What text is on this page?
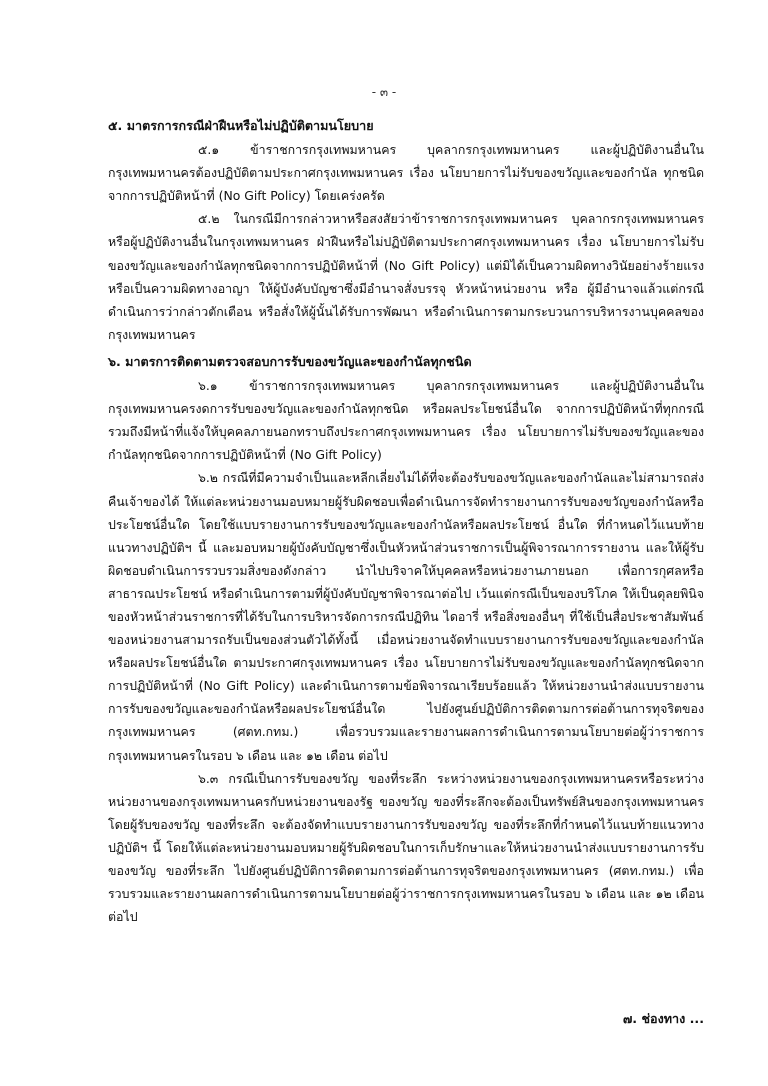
- ๓ -

๕. มาตรการกรณีฝ่าฝืนหรือไม่ปฏิบัติตามนโยบาย

๕.๑ ข้าราชการกรุงเทพมหานคร บุคลากรกรุงเทพมหานคร และผู้ปฏิบัติงานอื่นในกรุงเทพมหานครต้องปฏิบัติตามประกาศกรุงเทพมหานคร เรื่อง นโยบายการไม่รับของขวัญและของกำนัล ทุกชนิดจากการปฏิบัติหน้าที่ (No Gift Policy) โดยเคร่งครัด

๕.๒ ในกรณีมีการกล่าวหาหรือสงสัยว่าข้าราชการกรุงเทพมหานคร บุคลากรกรุงเทพมหานครหรือผู้ปฏิบัติงานอื่นในกรุงเทพมหานคร ฝ่าฝืนหรือไม่ปฏิบัติตามประกาศกรุงเทพมหานคร เรื่อง นโยบายการไม่รับของขวัญและของกำนัลทุกชนิดจากการปฏิบัติหน้าที่ (No Gift Policy) แต่มิได้เป็นความผิดทางวินัยอย่างร้ายแรง หรือเป็นความผิดทางอาญา ให้ผู้บังคับบัญชาซึ่งมีอำนาจสั่งบรรจุ หัวหน้าหน่วยงาน หรือ ผู้มีอำนาจแล้วแต่กรณี ดำเนินการว่ากล่าวตักเตือน หรือสั่งให้ผู้นั้นได้รับการพัฒนา หรือดำเนินการตามกระบวนการบริหารงานบุคคลของกรุงเทพมหานคร

๖. มาตรการติดตามตรวจสอบการรับของขวัญและของกำนัลทุกชนิด

๖.๑ ข้าราชการกรุงเทพมหานคร บุคลากรกรุงเทพมหานคร และผู้ปฏิบัติงานอื่นในกรุงเทพมหานครงดการรับของขวัญและของกำนัลทุกชนิด หรือผลประโยชน์อื่นใด จากการปฏิบัติหน้าที่ทุกกรณี รวมถึงมีหน้าที่แจ้งให้บุคคลภายนอกทราบถึงประกาศกรุงเทพมหานคร เรื่อง นโยบายการไม่รับของขวัญและของกำนัลทุกชนิดจากการปฏิบัติหน้าที่ (No Gift Policy)

๖.๒ กรณีที่มีความจำเป็นและหลีกเลี่ยงไม่ได้ที่จะต้องรับของขวัญและของกำนัลและไม่สามารถส่งคืนเจ้าของได้ ให้แต่ละหน่วยงานมอบหมายผู้รับผิดชอบเพื่อดำเนินการจัดทำรายงานการรับของขวัญของกำนัลหรือประโยชน์อื่นใด โดยใช้แบบรายงานการรับของขวัญและของกำนัลหรือผลประโยชน์ อื่นใด ที่กำหนดไว้แนบท้ายแนวทางปฏิบัติฯ นี้ และมอบหมายผู้บังคับบัญชาซึ่งเป็นหัวหน้าส่วนราชการเป็นผู้พิจารณาการรายงาน และให้ผู้รับผิดชอบดำเนินการรวบรวมสิ่งของดังกล่าว นำไปบริจาคให้บุคคลหรือหน่วยงานภายนอก เพื่อการกุศลหรือสาธารณประโยชน์ หรือดำเนินการตามที่ผู้บังคับบัญชาพิจารณาต่อไป เว้นแต่กรณีเป็นของบริโภค ให้เป็นดุลยพินิจของหัวหน้าส่วนราชการที่ได้รับในการบริหารจัดการกรณีปฏิทิน ไดอารี่ หรือสิ่งของอื่นๆ ที่ใช้เป็นสื่อประชาสัมพันธ์ของหน่วยงานสามารถรับเป็นของส่วนตัวได้ทั้งนี้ เมื่อหน่วยงานจัดทำแบบรายงานการรับของขวัญและของกำนัล หรือผลประโยชน์อื่นใด ตามประกาศกรุงเทพมหานคร เรื่อง นโยบายการไม่รับของขวัญและของกำนัลทุกชนิดจากการปฏิบัติหน้าที่ (No Gift Policy) และดำเนินการตามข้อพิจารณาเรียบร้อยแล้ว ให้หน่วยงานนำส่งแบบรายงานการรับของขวัญและของกำนัลหรือผลประโยชน์อื่นใด ไปยังศูนย์ปฏิบัติการติดตามการต่อต้านการทุจริตของกรุงเทพมหานคร (ศตท.กทม.) เพื่อรวบรวมและรายงานผลการดำเนินการตามนโยบายต่อผู้ว่าราชการกรุงเทพมหานครในรอบ ๖ เดือน และ ๑๒ เดือน ต่อไป

๖.๓ กรณีเป็นการรับของขวัญ ของที่ระลึก ระหว่างหน่วยงานของกรุงเทพมหานครหรือระหว่างหน่วยงานของกรุงเทพมหานครกับหน่วยงานของรัฐ ของขวัญ ของที่ระลึกจะต้องเป็นทรัพย์สินของกรุงเทพมหานคร โดยผู้รับของขวัญ ของที่ระลึก จะต้องจัดทำแบบรายงานการรับของขวัญ ของที่ระลึกที่กำหนดไว้แนบท้ายแนวทางปฏิบัติฯ นี้ โดยให้แต่ละหน่วยงานมอบหมายผู้รับผิดชอบในการเก็บรักษาและให้หน่วยงานนำส่งแบบรายงานการรับของขวัญ ของที่ระลึก ไปยังศูนย์ปฏิบัติการติดตามการต่อต้านการทุจริตของกรุงเทพมหานคร (ศตท.กทม.) เพื่อรวบรวมและรายงานผลการดำเนินการตามนโยบายต่อผู้ว่าราชการกรุงเทพมหานครในรอบ ๖ เดือน และ ๑๒ เดือน ต่อไป

๗. ช่องทาง ...
